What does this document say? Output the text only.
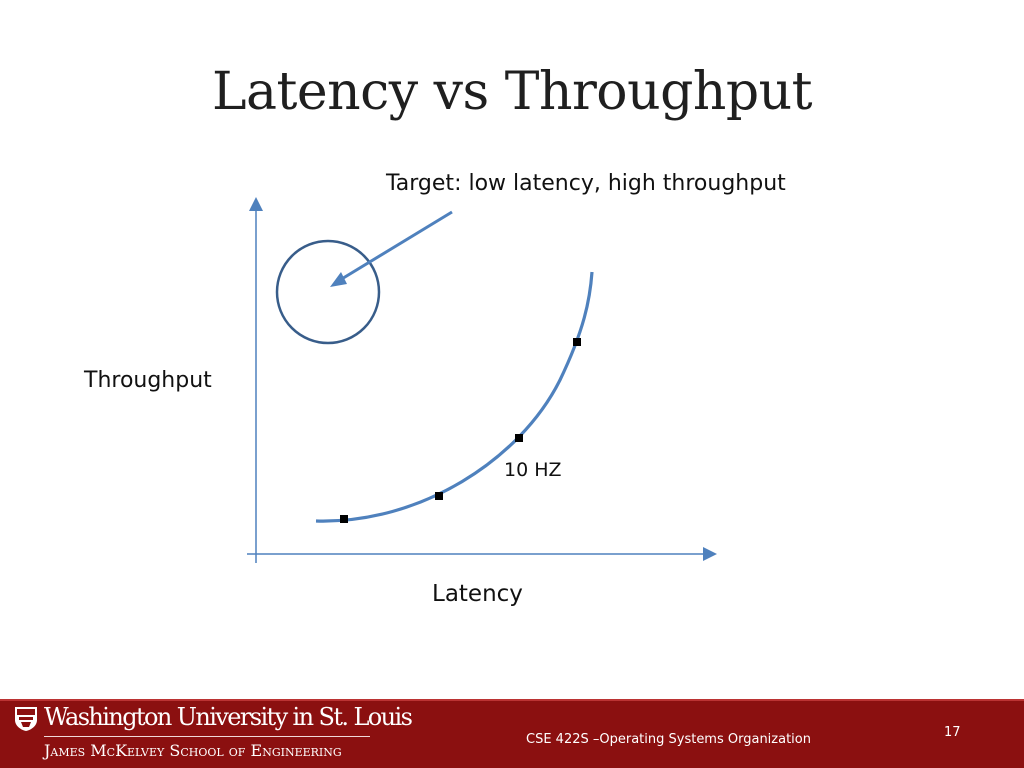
Latency vs Throughput
Target: low latency, high throughput
Throughput
Latency
10 HZ
Washington University in St. Louis
James McKelvey School of Engineering
CSE 422S –Operating Systems Organization	17
